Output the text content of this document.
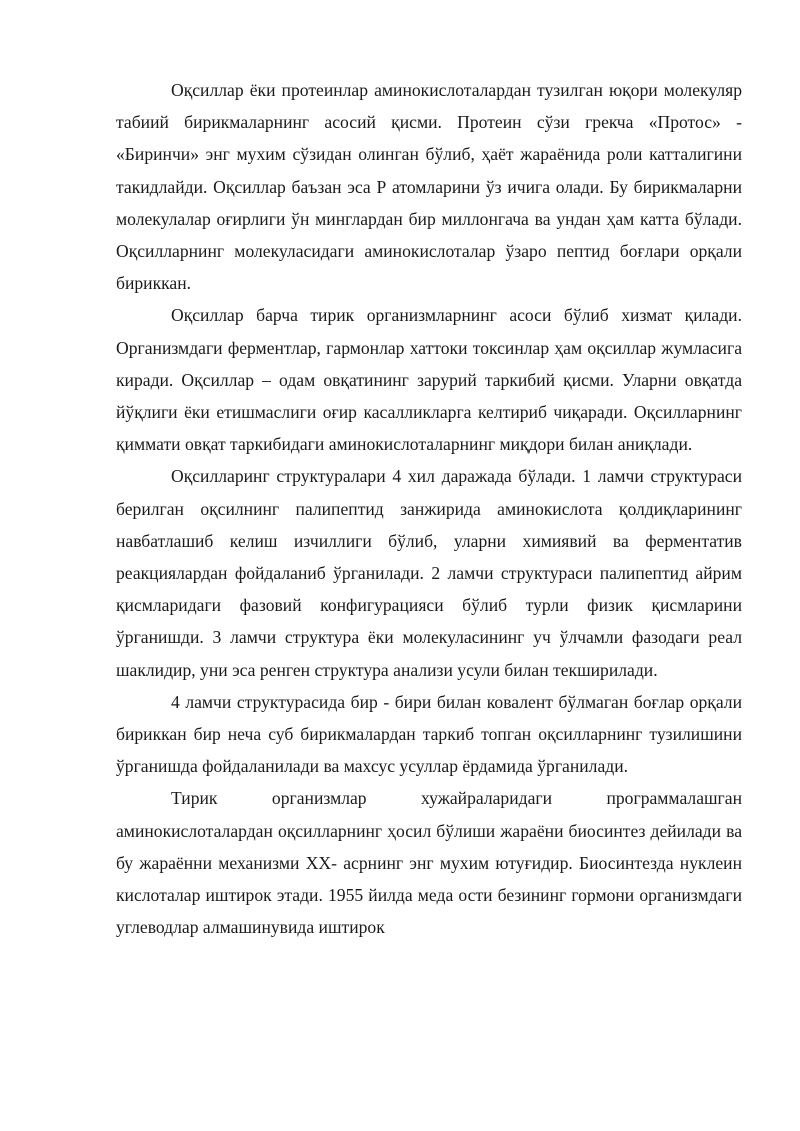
Оқсиллар ёки протеинлар аминокислоталардан тузилган юқори молекуляр табиий бирикмаларнинг асосий қисми. Протеин сўзи грекча «Протос» - «Биринчи» энг мухим сўзидан олинган бўлиб, ҳаёт жараёнида роли катталигини такидлайди. Оқсиллар баъзан эса Р атомларини ўз ичига олади. Бу бирикмаларни молекулалар оғирлиги ўн минглардан бир миллонгача ва ундан ҳам катта бўлади. Оқсилларнинг молекуласидаги аминокислоталар ўзаро пептид боғлари орқали бириккан.

Оқсиллар барча тирик организмларнинг асоси бўлиб хизмат қилади. Организмдаги ферментлар, гармонлар хаттоки токсинлар ҳам оқсиллар жумласига киради. Оқсиллар – одам овқатининг зарурий таркибий қисми. Уларни овқатда йўқлиги ёки етишмаслиги оғир касалликларга келтириб чиқаради. Оқсилларнинг қиммати овқат таркибидаги аминокислоталарнинг миқдори билан аниқлади.

Оқсилларинг структуралари 4 хил даражада бўлади. 1 ламчи структураси берилган оқсилнинг палипептид занжирида аминокислота қолдиқларининг навбатлашиб келиш изчиллиги бўлиб, уларни химиявий ва ферментатив реакциялардан фойдаланиб ўрганилади. 2 ламчи структураси палипептид айрим қисмларидаги фазовий конфигурацияси бўлиб турли физик қисмларини ўрганишди. 3 ламчи структура ёки молекуласининг уч ўлчамли фазодаги реал шаклидир, уни эса ренген структура анализи усули билан текширилади.

4 ламчи структурасида бир - бири билан ковалент бўлмаган боғлар орқали бириккан бир неча суб бирикмалардан таркиб топган оқсилларнинг тузилишини ўрганишда фойдаланилади ва махсус усуллар ёрдамида ўрганилади.

Тирик организмлар хужайраларидаги программалашган аминокислоталардан оқсилларнинг ҳосил бўлиши жараёни биосинтез дейилади ва бу жараённи механизми XX- асрнинг энг мухим ютуғидир. Биосинтезда нуклеин кислоталар иштирок этади. 1955 йилда меда ости безининг гормони организмдаги углеводлар алмашинувида иштирок
